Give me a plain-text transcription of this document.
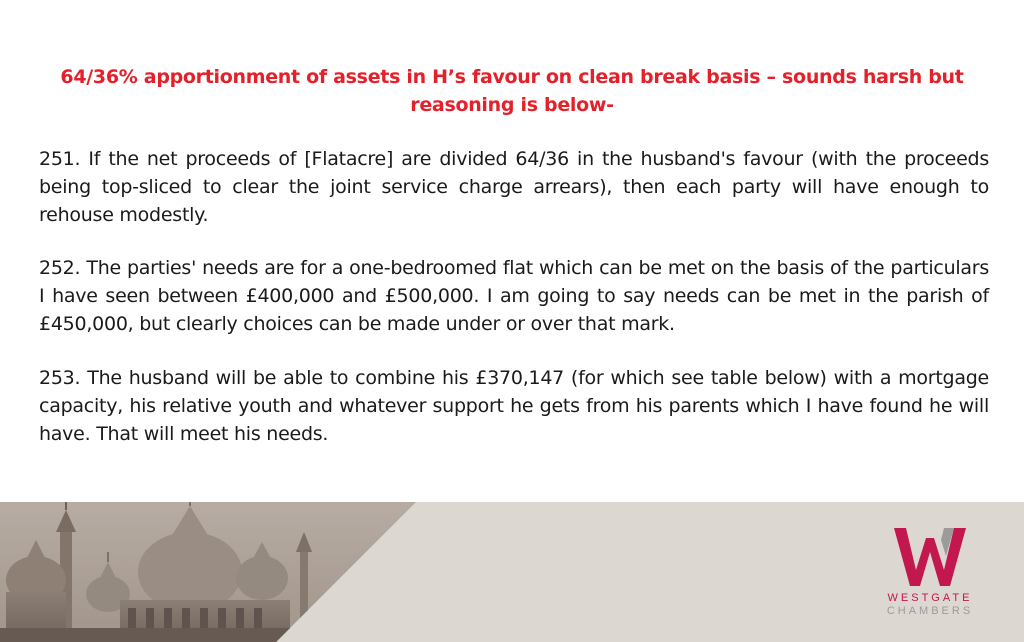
64/36% apportionment of assets in H’s favour on clean break basis – sounds harsh but reasoning is below-

251. If the net proceeds of [Flatacre] are divided 64/36 in the husband's favour (with the proceeds being top-sliced to clear the joint service charge arrears), then each party will have enough to rehouse modestly.

252. The parties' needs are for a one-bedroomed flat which can be met on the basis of the particulars I have seen between £400,000 and £500,000. I am going to say needs can be met in the parish of £450,000, but clearly choices can be made under or over that mark.

253. The husband will be able to combine his £370,147 (for which see table below) with a mortgage capacity, his relative youth and whatever support he gets from his parents which I have found he will have. That will meet his needs.

WESTGATE
CHAMBERS
